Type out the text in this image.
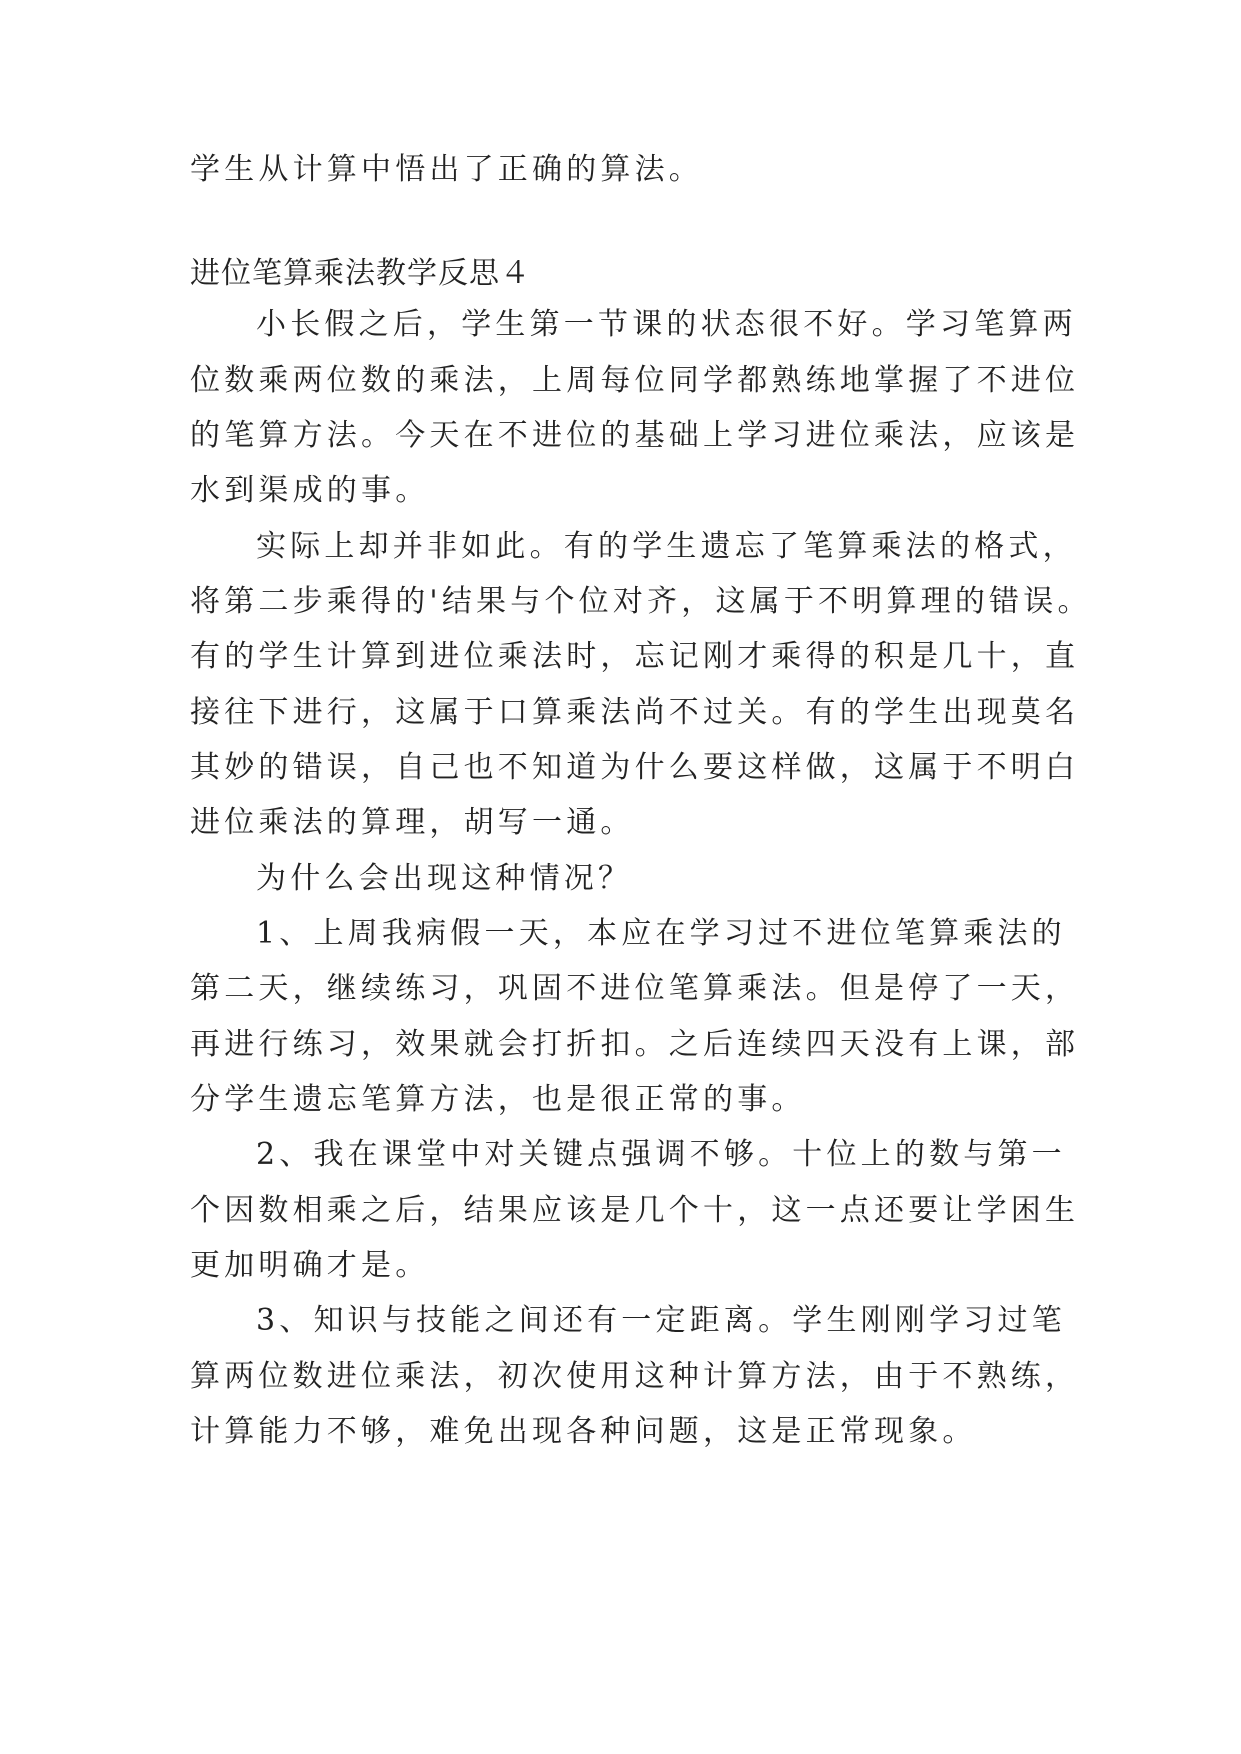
学生从计算中悟出了正确的算法。
进位笔算乘法教学反思４
小长假之后，学生第一节课的状态很不好。学习笔算两
位数乘两位数的乘法，上周每位同学都熟练地掌握了不进位
的笔算方法。今天在不进位的基础上学习进位乘法，应该是
水到渠成的事。
实际上却并非如此。有的学生遗忘了笔算乘法的格式，
将第二步乘得的'结果与个位对齐，这属于不明算理的错误。
有的学生计算到进位乘法时，忘记刚才乘得的积是几十，直
接往下进行，这属于口算乘法尚不过关。有的学生出现莫名
其妙的错误，自己也不知道为什么要这样做，这属于不明白
进位乘法的算理，胡写一通。
为什么会出现这种情况？
1、上周我病假一天，本应在学习过不进位笔算乘法的
第二天，继续练习，巩固不进位笔算乘法。但是停了一天，
再进行练习，效果就会打折扣。之后连续四天没有上课，部
分学生遗忘笔算方法，也是很正常的事。
2、我在课堂中对关键点强调不够。十位上的数与第一
个因数相乘之后，结果应该是几个十，这一点还要让学困生
更加明确才是。
3、知识与技能之间还有一定距离。学生刚刚学习过笔
算两位数进位乘法，初次使用这种计算方法，由于不熟练，
计算能力不够，难免出现各种问题，这是正常现象。
